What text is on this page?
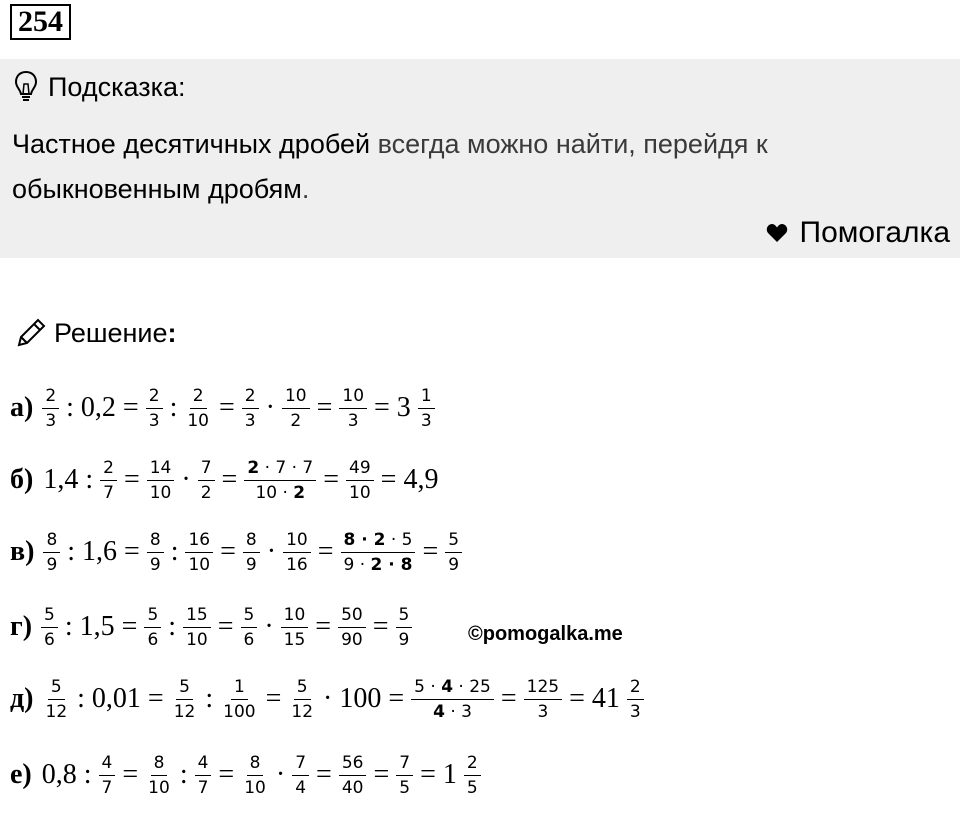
254
Подсказка:
Частное десятичных дробей всегда можно найти, перейдя к
обыкновенным дробям.
Помогалка
Решение :
$а) \frac{2}{3}$ : $0,2 = \frac{2}{3}$ : $\frac{2}{10} = \frac{2}{3} \cdot \frac{10}{2} = \frac{10}{3} = 3 \frac{1}{3}$
б) 1,4 : $\frac{2}{7} = \frac{14}{10} \cdot \frac{7}{2} = \frac{2 \cdot 7 \cdot 7}{10 \cdot 2} = \frac{49}{10} = 4,9$
$в) \frac{8}{9}$ : $1,6 = \frac{8}{9}$ : $\frac{16}{10} = \frac{8}{9} \cdot \frac{10}{16} = \frac{8 \cdot 2 \cdot 5}{9 \cdot 2 \cdot 8} = \frac{5}{9}$
$г) \frac{5}{6}$ : $1,5 = \frac{5}{6}$ : $\frac{15}{10} = \frac{5}{6} \cdot \frac{10}{15} = \frac{50}{90} = \frac{5}{9}$	©pomogalka.me
$д) \frac{5}{12}$ : $0,01 = \frac{5}{12}$ : $\frac{1}{100} = \frac{5}{12} \cdot 100 = \frac{5 \cdot 4 \cdot 25}{4 \cdot 3} = \frac{125}{3} = 41 \frac{2}{3}$
е) 0,8 : $\frac{4}{7} = \frac{8}{10}$ : $\frac{4}{7} = \frac{8}{10} \cdot \frac{7}{4} = \frac{56}{40} = \frac{7}{5} = 1 \frac{2}{5}$
